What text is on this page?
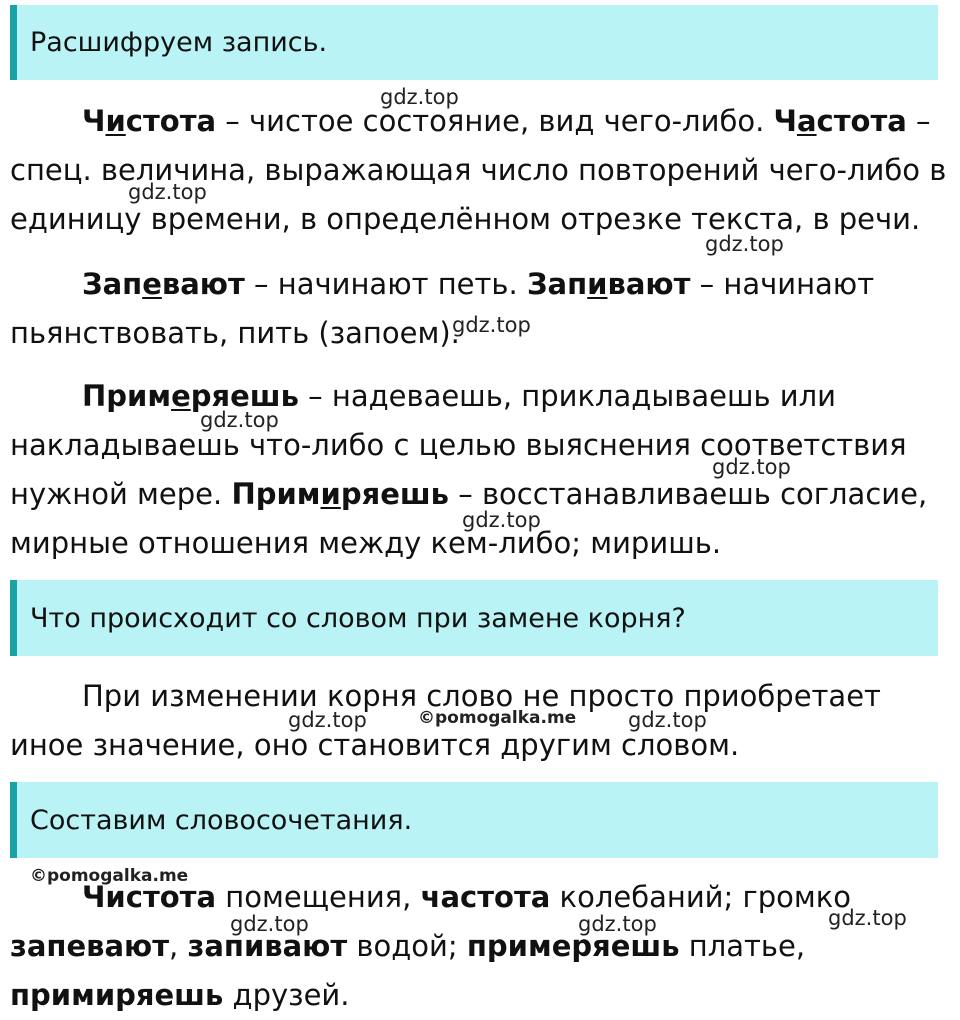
Расшифруем запись.
Чистота – чистое состояние, вид чего-либо. Частота – спец. величина, выражающая число повторений чего-либо в единицу времени, в определённом отрезке текста, в речи.
Запевают – начинают петь. Запивают – начинают пьянствовать, пить (запоем).
Примеряешь – надеваешь, прикладываешь или накладываешь что-либо с целью выяснения соответствия нужной мере. Примиряешь – восстанавливаешь согласие, мирные отношения между кем-либо; миришь.
Что происходит со словом при замене корня?
При изменении корня слово не просто приобретает иное значение, оно становится другим словом.
Составим словосочетания.
Чистота помещения, частота колебаний; громко запевают, запивают водой; примеряешь платье, примиряешь друзей.
gdz.top
gdz.top
gdz.top
gdz.top
gdz.top
gdz.top
gdz.top
gdz.top	©pomogalka.me gdz.top
©pomogalka.me
gdz.top	gdz.top	gdz.top
